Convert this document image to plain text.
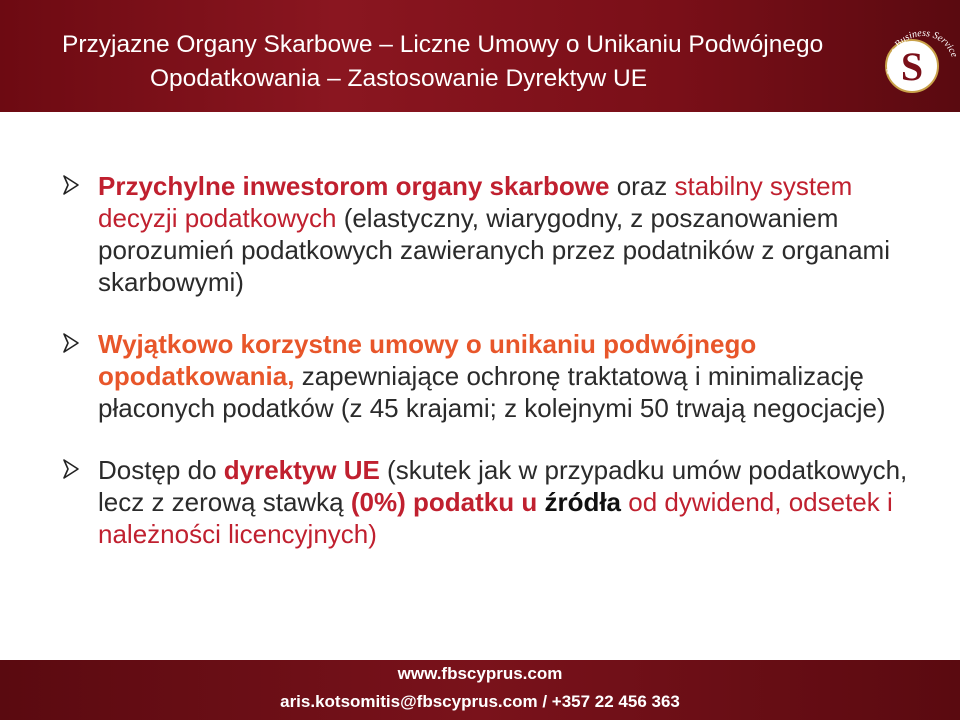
Przyjazne Organy Skarbowe – Liczne Umowy o Unikaniu Podwójnego
Opodatkowania – Zastosowanie Dyrektyw UE	S
Focus Business Service

Przychylne inwestorom organy skarbowe oraz stabilny system decyzji podatkowych (elastyczny, wiarygodny, z poszanowaniem porozumień podatkowych zawieranych przez podatników z organami skarbowymi)

Wyjątkowo korzystne umowy o unikaniu podwójnego opodatkowania, zapewniające ochronę traktatową i minimalizację płaconych podatków (z 45 krajami; z kolejnymi 50 trwają negocjacje)

Dostęp do dyrektyw UE (skutek jak w przypadku umów podatkowych, lecz z zerową stawką (0%) podatku u źródła od dywidend, odsetek i należności licencyjnych)

www.fbscyprus.com
aris.kotsomitis@fbscyprus.com / +357 22 456 363
